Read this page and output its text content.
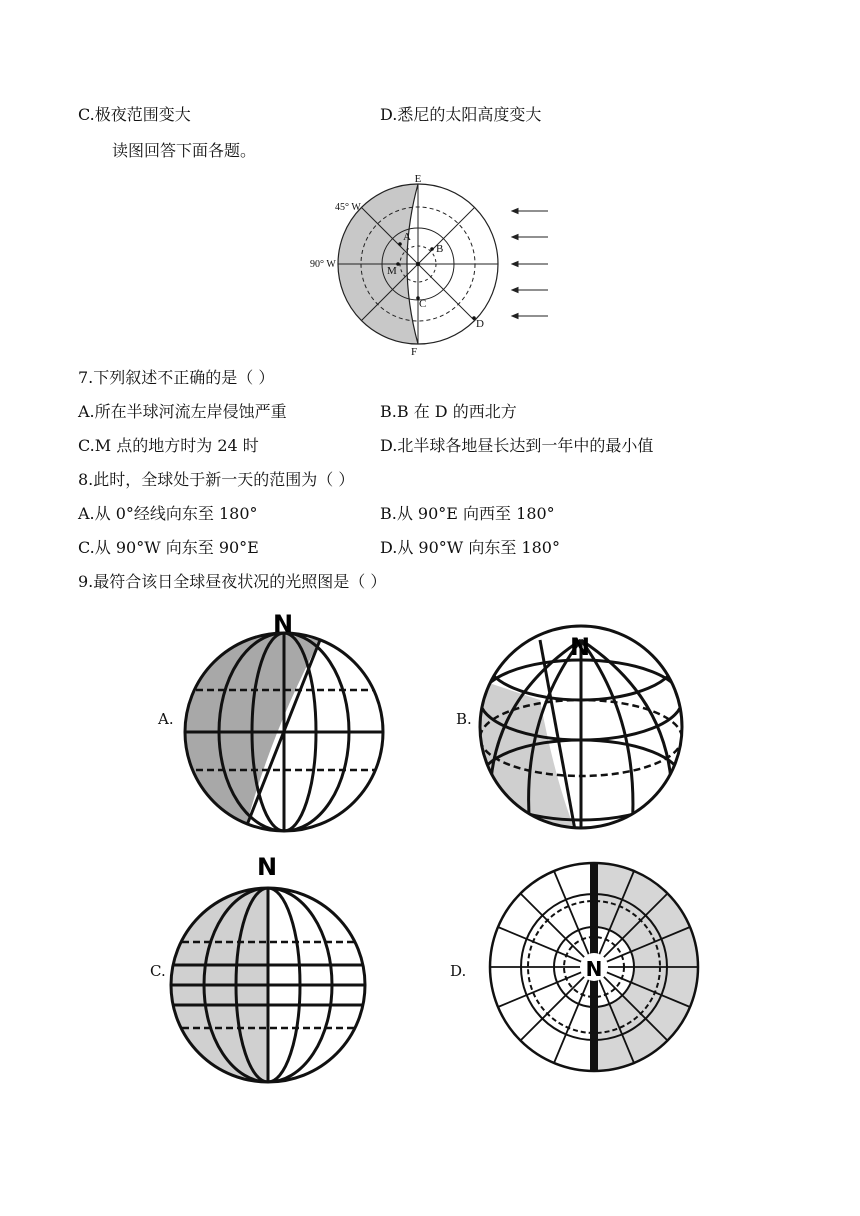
C.极夜范围变大	D.悉尼的太阳高度变大
读图回答下面各题。
E
F
A
B
C
D
M
45° W
90° W
7.下列叙述不正确的是（ ）
A.所在半球河流左岸侵蚀严重	B.B 在 D 的西北方
C.M 点的地方时为 24 时	D.北半球各地昼长达到一年中的最小值
8.此时，全球处于新一天的范围为（ ）
A.从 0°经线向东至 180°	B.从 90°E 向西至 180°
C.从 90°W 向东至 90°E	D.从 90°W 向东至 180°
9.最符合该日全球昼夜状况的光照图是（ ）
A.	B.
C.	D.
N
N
N
N
